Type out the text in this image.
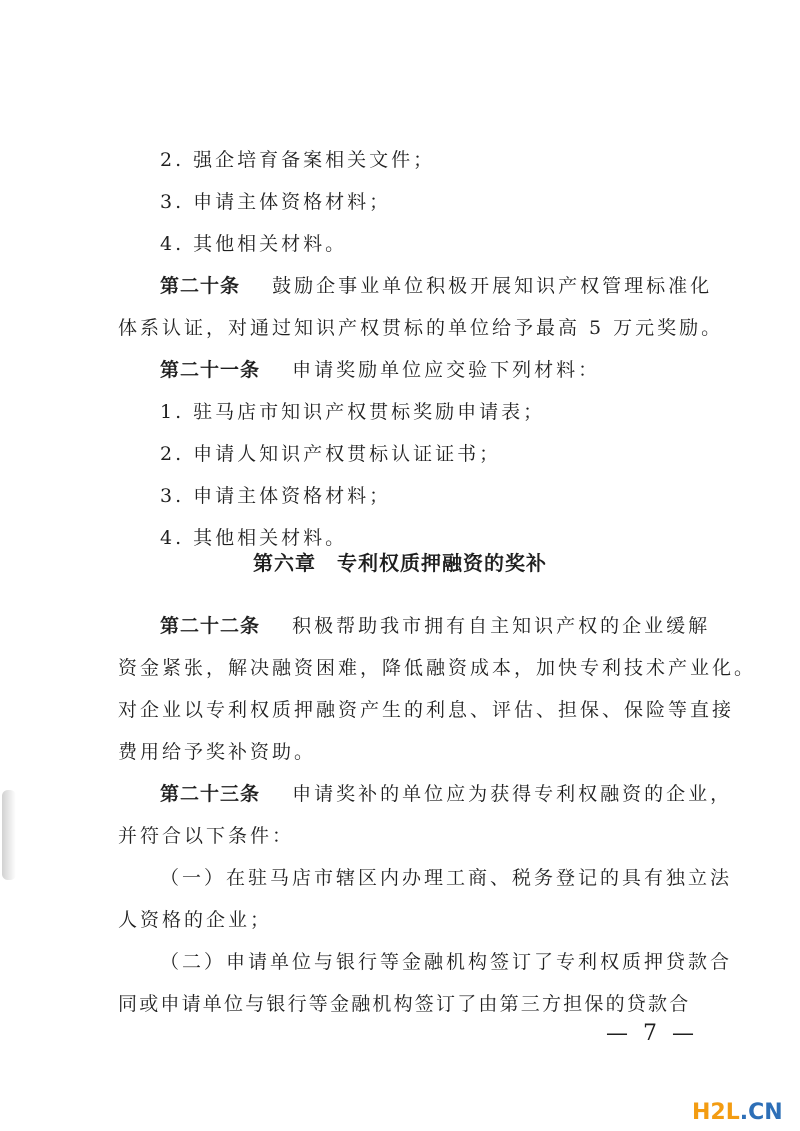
2. 强企培育备案相关文件；
3. 申请主体资格材料；
4. 其他相关材料。
第二十条 鼓励企事业单位积极开展知识产权管理标准化
体系认证，对通过知识产权贯标的单位给予最高 5 万元奖励。
第二十一条 申请奖励单位应交验下列材料：
1. 驻马店市知识产权贯标奖励申请表；
2. 申请人知识产权贯标认证证书；
3. 申请主体资格材料；
4. 其他相关材料。
第六章　专利权质押融资的奖补
第二十二条 积极帮助我市拥有自主知识产权的企业缓解
资金紧张，解决融资困难，降低融资成本，加快专利技术产业化。
对企业以专利权质押融资产生的利息、评估、担保、保险等直接
费用给予奖补资助。
第二十三条 申请奖补的单位应为获得专利权融资的企业，
并符合以下条件：
（一）在驻马店市辖区内办理工商、税务登记的具有独立法
人资格的企业；
（二）申请单位与银行等金融机构签订了专利权质押贷款合
同或申请单位与银行等金融机构签订了由第三方担保的贷款合
— 7 —
H2L.CN
